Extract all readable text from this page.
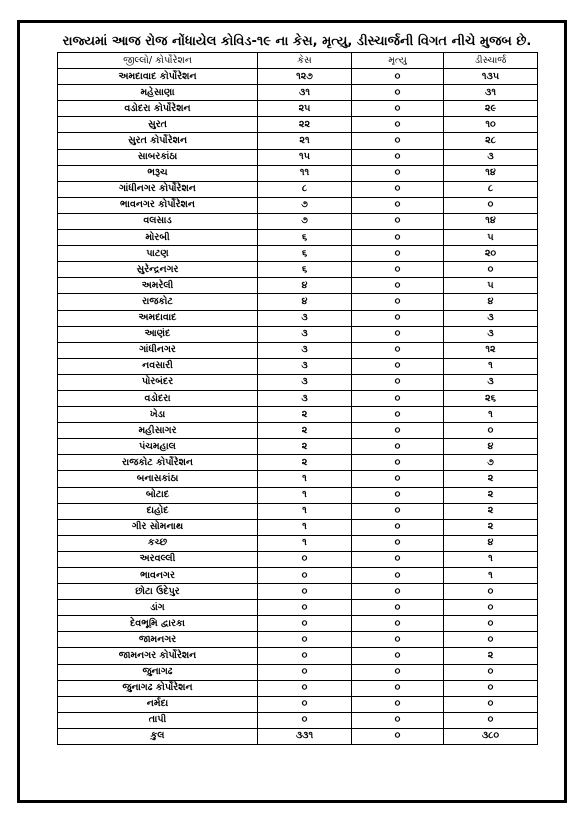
રાજ્યમાં આજ રોજ નોંધાયેલ કોવિડ-૧૯ ના કેસ, મૃત્યુ, ડીસ્ચાર્જની વિગત નીચે મુજબ છે.
જીલ્લો/ કોર્પોરેશન	કેસ	મૃત્યુ	ડીસ્ચાર્જ
અમદાવાદ કોર્પોરેશન	૧૨૭	૦	૧૩૫
મહેસાણા	૩૧	૦	૩૧
વડોદરા કોર્પોરેશન	૨૫	૦	૨૯
સુરત	૨૨	૦	૧૦
સુરત કોર્પોરેશન	૨૧	૦	૨૮
સાબરકાંઠા	૧૫	૦	૩
ભરૂચ	૧૧	૦	૧૪
ગાંધીનગર કોર્પોરેશન	૮	૦	૮
ભાવનગર કોર્પોરેશન	૭	૦	૦
વલસાડ	૭	૦	૧૪
મોરબી	૬	૦	૫
પાટણ	૬	૦	૨૦
સુરેન્દ્રનગર	૬	૦	૦
અમરેલી	૪	૦	૫
રાજકોટ	૪	૦	૪
અમદાવાદ	૩	૦	૩
આણંદ	૩	૦	૩
ગાંધીનગર	૩	૦	૧૨
નવસારી	૩	૦	૧
પોરબંદર	૩	૦	૩
વડોદરા	૩	૦	૨૬
ખેડા	૨	૦	૧
મહીસાગર	૨	૦	૦
પંચમહાલ	૨	૦	૪
રાજકોટ કોર્પોરેશન	૨	૦	૭
બનાસકાંઠા	૧	૦	૨
બોટાદ	૧	૦	૨
દાહોદ	૧	૦	૨
ગીર સોમનાથ	૧	૦	૨
કચ્છ	૧	૦	૪
અરવલ્લી	૦	૦	૧
ભાવનગર	૦	૦	૧
છોટા ઉદેપુર	૦	૦	૦
ડાંગ	૦	૦	૦
દેવભૂમિ દ્વારકા	૦	૦	૦
જામનગર	૦	૦	૦
જામનગર કોર્પોરેશન	૦	૦	૨
જુનાગઢ	૦	૦	૦
જુનાગઢ કોર્પોરેશન	૦	૦	૦
નર્મદા	૦	૦	૦
તાપી	૦	૦	૦
કુલ	૩૩૧	૦	૩૮૦
